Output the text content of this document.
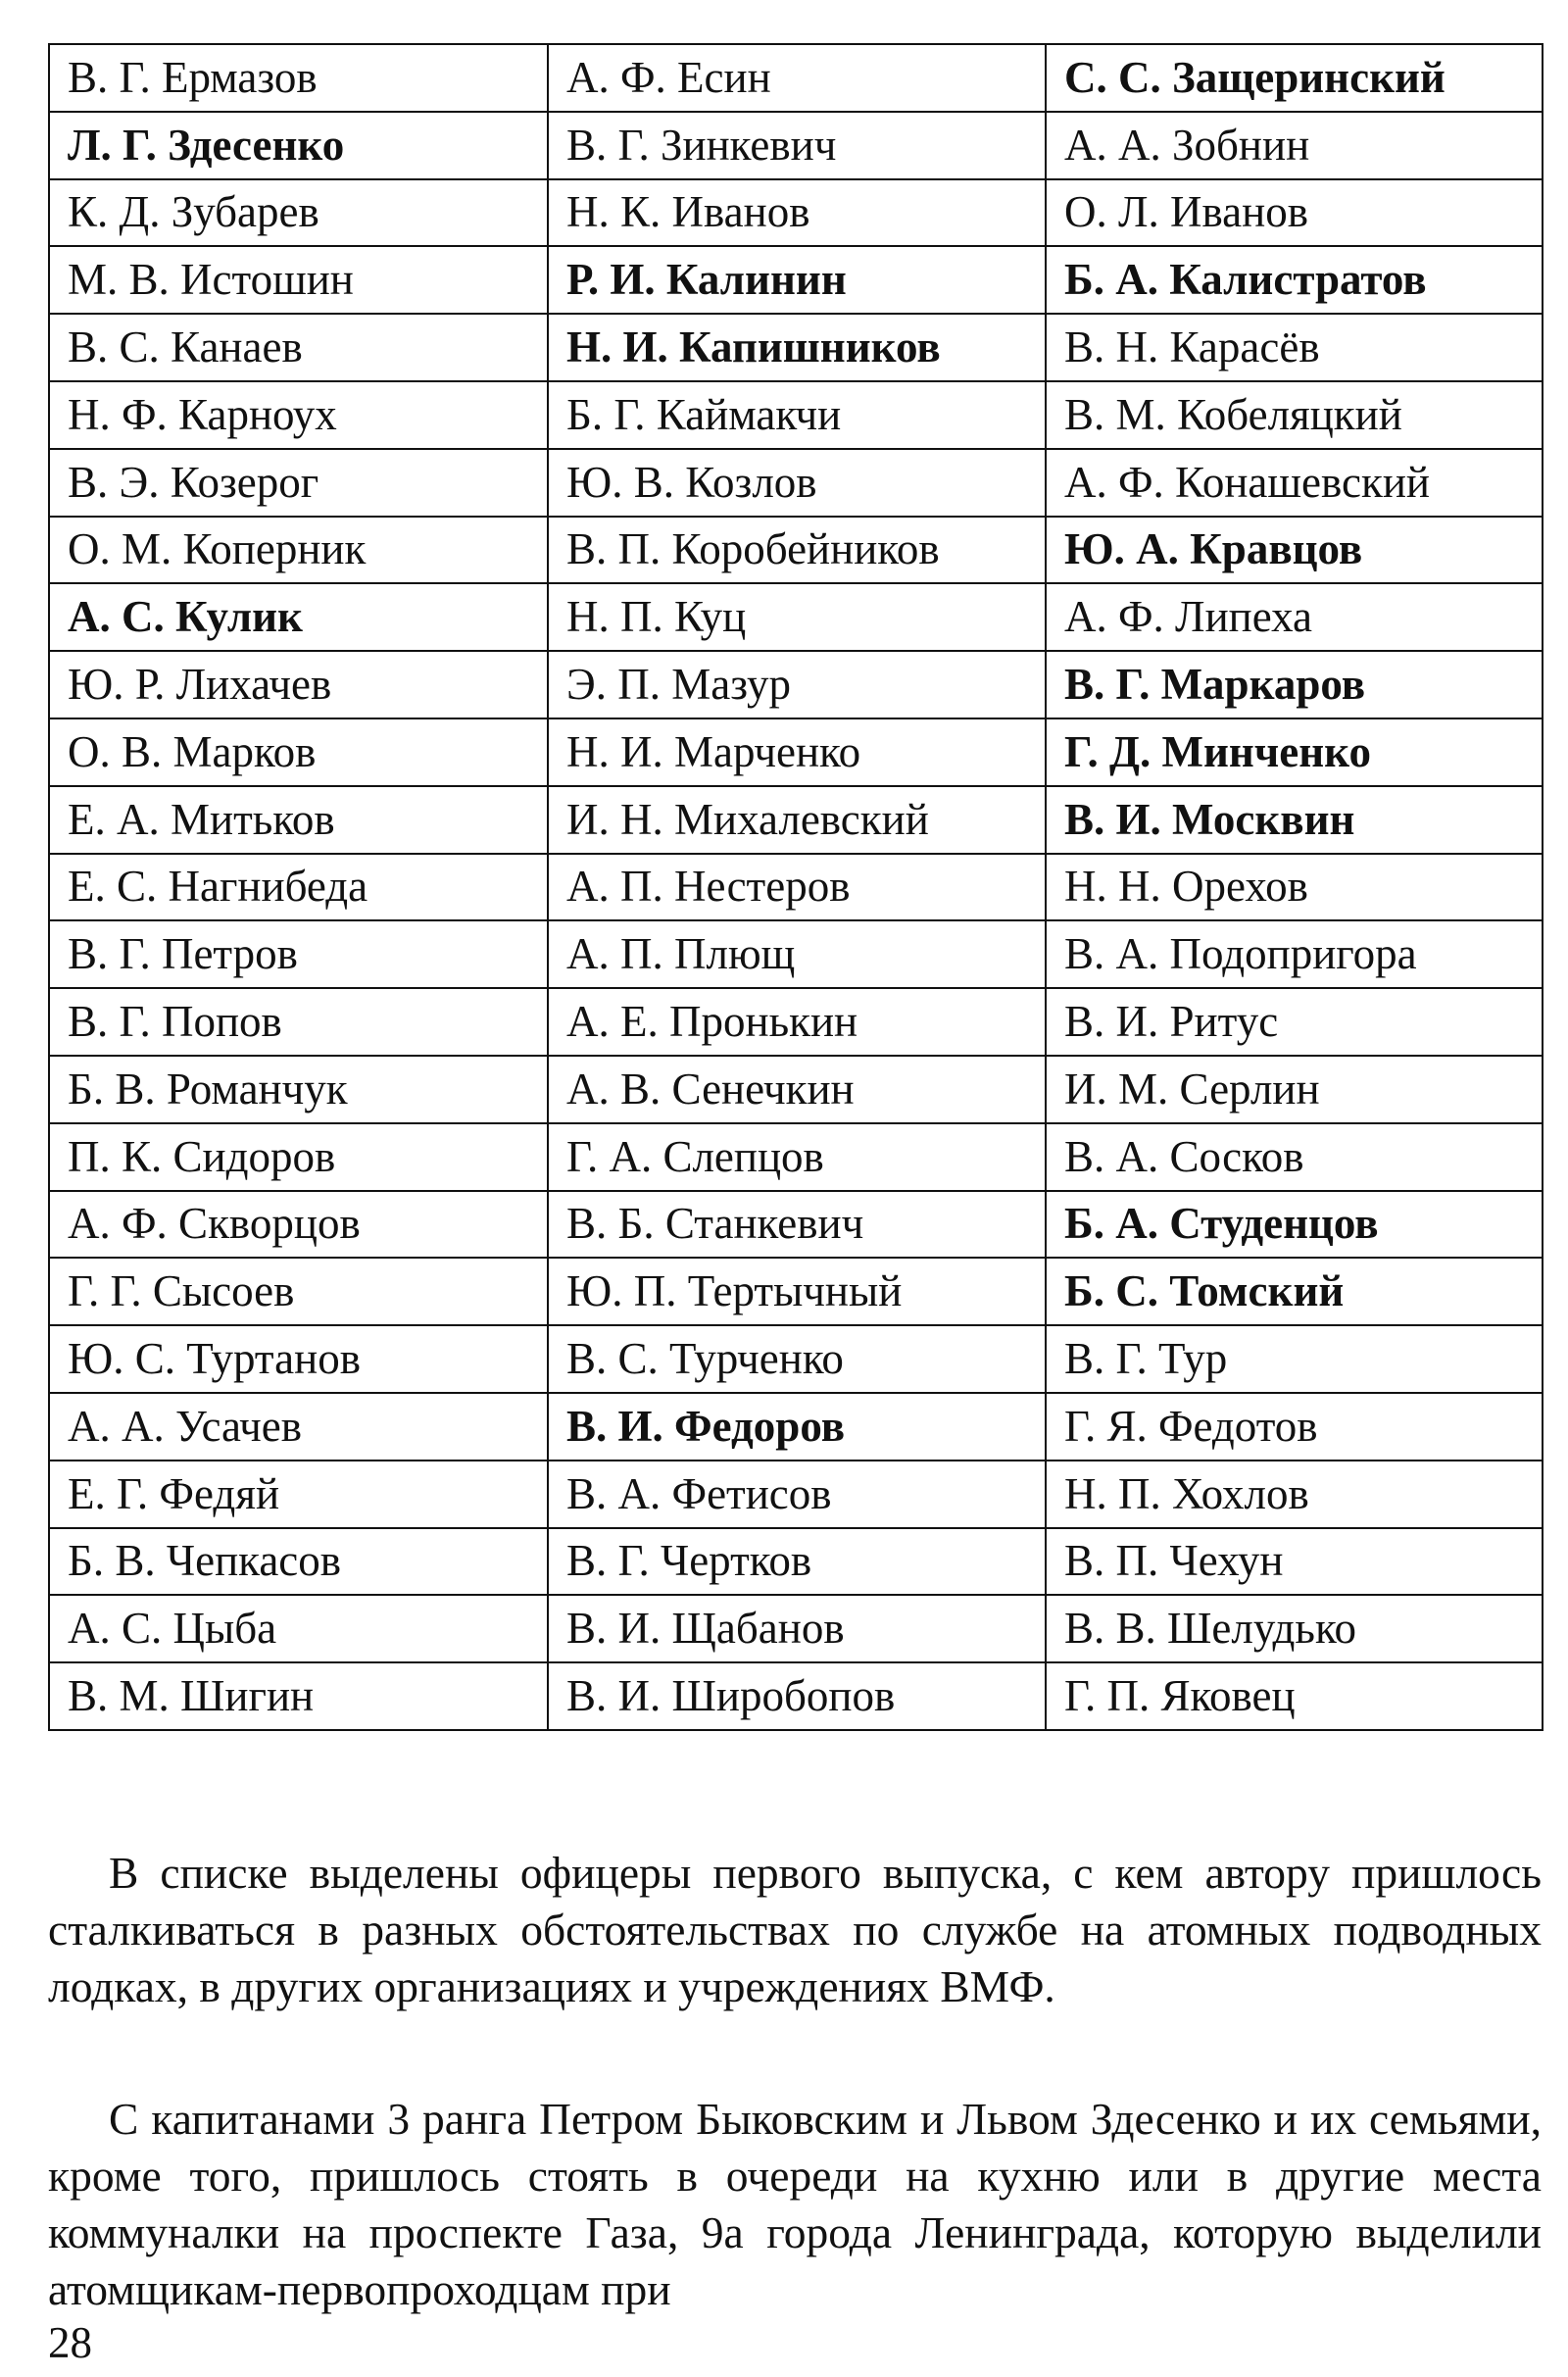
В. Г. Ермазов	А. Ф. Есин	С. С. Защеринский
Л. Г. Здесенко	В. Г. Зинкевич	А. А. Зобнин
К. Д. Зубарев	Н. К. Иванов	О. Л. Иванов
М. В. Истошин	Р. И. Калинин	Б. А. Калистратов
В. С. Канаев	Н. И. Капишников	В. Н. Карасёв
Н. Ф. Карноух	Б. Г. Каймакчи	В. М. Кобеляцкий
В. Э. Козерог	Ю. В. Козлов	А. Ф. Конашевский
О. М. Коперник	В. П. Коробейников	Ю. А. Кравцов
А. С. Кулик	Н. П. Куц	А. Ф. Липеха
Ю. Р. Лихачев	Э. П. Мазур	В. Г. Маркаров
О. В. Марков	Н. И. Марченко	Г. Д. Минченко
Е. А. Митьков	И. Н. Михалевский	В. И. Москвин
Е. С. Нагнибеда	А. П. Нестеров	Н. Н. Орехов
В. Г. Петров	А. П. Плющ	В. А. Подопригора
В. Г. Попов	А. Е. Пронькин	В. И. Ритус
Б. В. Романчук	А. В. Сенечкин	И. М. Серлин
П. К. Сидоров	Г. А. Слепцов	В. А. Сосков
А. Ф. Скворцов	В. Б. Станкевич	Б. А. Студенцов
Г. Г. Сысоев	Ю. П. Тертычный	Б. С. Томский
Ю. С. Туртанов	В. С. Турченко	В. Г. Тур
А. А. Усачев	В. И. Федоров	Г. Я. Федотов
Е. Г. Федяй	В. А. Фетисов	Н. П. Хохлов
Б. В. Чепкасов	В. Г. Чертков	В. П. Чехун
А. С. Цыба	В. И. Щабанов	В. В. Шелудько
В. М. Шигин	В. И. Широбопов	Г. П. Яковец

В списке выделены офицеры первого выпуска, с кем автору пришлось сталкиваться в разных обстоятельствах по службе на атомных подводных лодках, в других организациях и учреждениях ВМФ.

С капитанами 3 ранга Петром Быковским и Львом Здесенко и их семьями, кроме того, пришлось стоять в очереди на кухню или в другие места коммуналки на проспекте Газа, 9а города Ленинграда, которую выделили атомщикам-первопроходцам при

28
